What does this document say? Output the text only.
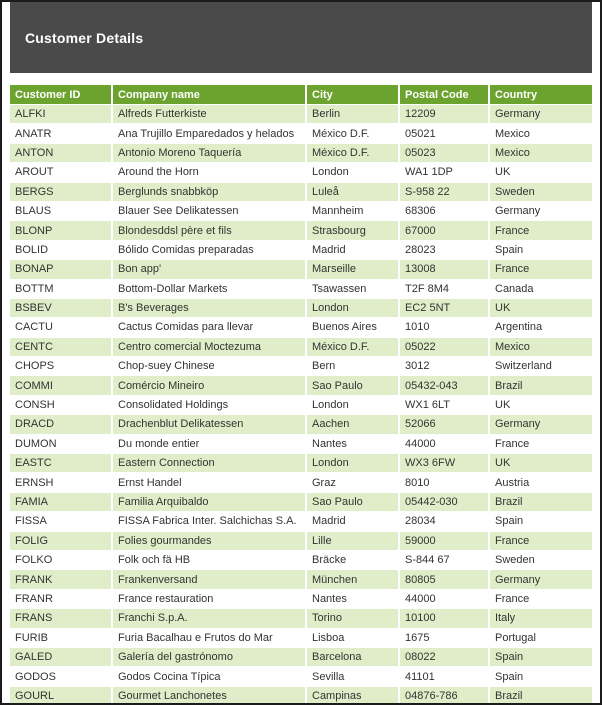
Customer Details
Customer ID	Company name	City	Postal Code	Country
ALFKI	Alfreds Futterkiste	Berlin	12209	Germany
ANATR	Ana Trujillo Emparedados y helados	México D.F.	05021	Mexico
ANTON	Antonio Moreno Taquería	México D.F.	05023	Mexico
AROUT	Around the Horn	London	WA1 1DP	UK
BERGS	Berglunds snabbköp	Luleå	S-958 22	Sweden
BLAUS	Blauer See Delikatessen	Mannheim	68306	Germany
BLONP	Blondesddsl père et fils	Strasbourg	67000	France
BOLID	Bólido Comidas preparadas	Madrid	28023	Spain
BONAP	Bon app'	Marseille	13008	France
BOTTM	Bottom-Dollar Markets	Tsawassen	T2F 8M4	Canada
BSBEV	B's Beverages	London	EC2 5NT	UK
CACTU	Cactus Comidas para llevar	Buenos Aires	1010	Argentina
CENTC	Centro comercial Moctezuma	México D.F.	05022	Mexico
CHOPS	Chop-suey Chinese	Bern	3012	Switzerland
COMMI	Comércio Mineiro	Sao Paulo	05432-043	Brazil
CONSH	Consolidated Holdings	London	WX1 6LT	UK
DRACD	Drachenblut Delikatessen	Aachen	52066	Germany
DUMON	Du monde entier	Nantes	44000	France
EASTC	Eastern Connection	London	WX3 6FW	UK
ERNSH	Ernst Handel	Graz	8010	Austria
FAMIA	Familia Arquibaldo	Sao Paulo	05442-030	Brazil
FISSA	FISSA Fabrica Inter. Salchichas S.A.	Madrid	28034	Spain
FOLIG	Folies gourmandes	Lille	59000	France
FOLKO	Folk och fä HB	Bräcke	S-844 67	Sweden
FRANK	Frankenversand	München	80805	Germany
FRANR	France restauration	Nantes	44000	France
FRANS	Franchi S.p.A.	Torino	10100	Italy
FURIB	Furia Bacalhau e Frutos do Mar	Lisboa	1675	Portugal
GALED	Galería del gastrónomo	Barcelona	08022	Spain
GODOS	Godos Cocina Típica	Sevilla	41101	Spain
GOURL	Gourmet Lanchonetes	Campinas	04876-786	Brazil
